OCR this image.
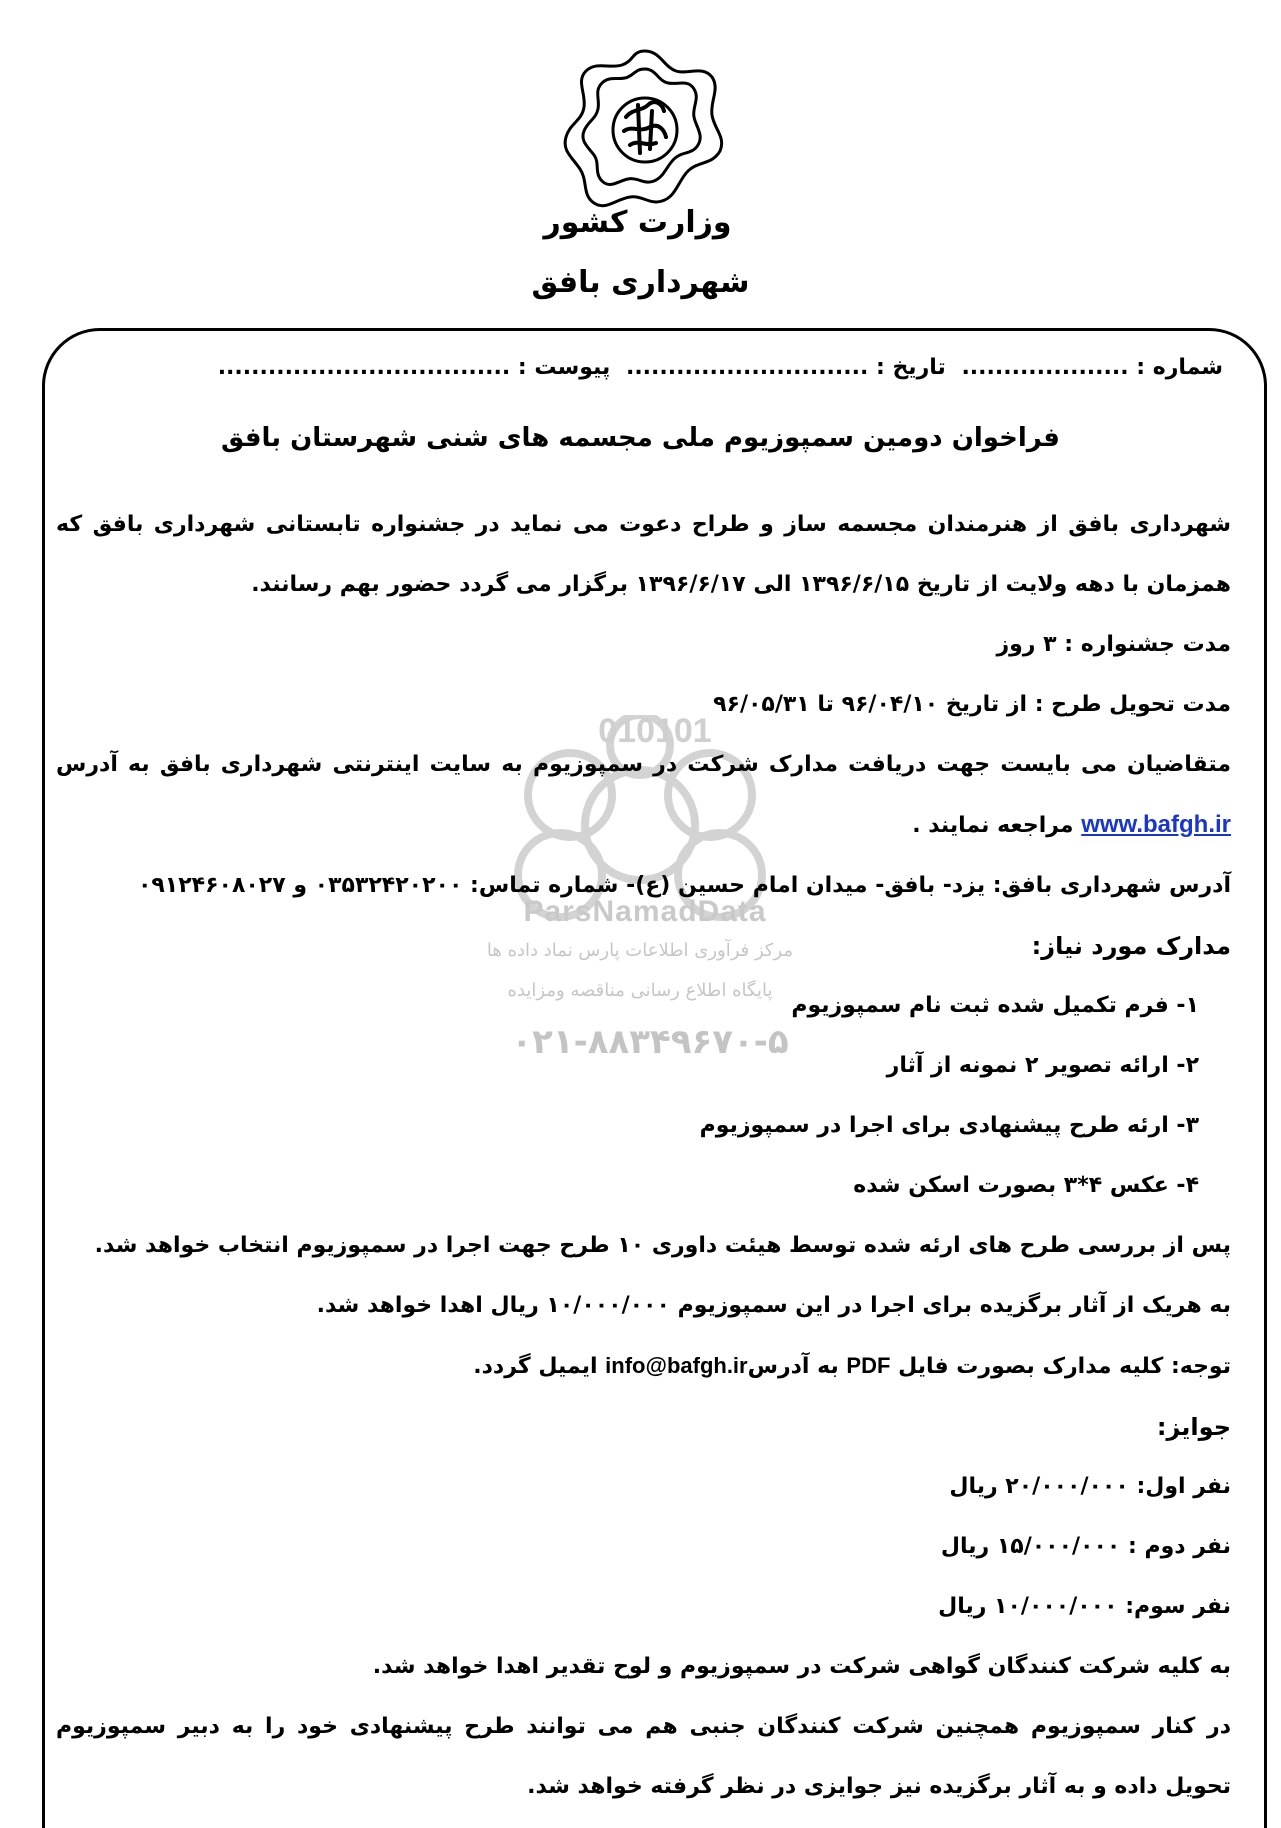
وزارت کشور
شهرداری بافق
010101
ParsNamadData
مرکز فرآوری اطلاعات پارس نماد داده ها
پایگاه اطلاع رسانی مناقصه ومزایده
۰۲۱-۸۸۳۴۹۶۷۰-۵
شماره : .................... تاریخ : ............................. پیوست : ...................................
فراخوان دومین سمپوزیوم ملی مجسمه های شنی شهرستان بافق

شهرداری بافق از هنرمندان مجسمه ساز و طراح دعوت می نماید در جشنواره تابستانی شهرداری بافق که همزمان با دهه ولایت از تاریخ ۱۳۹۶/۶/۱۵ الی ۱۳۹۶/۶/۱۷ برگزار می گردد حضور بهم رسانند.

مدت جشنواره : ۳ روز

مدت تحویل طرح : از تاریخ ۹۶/۰۴/۱۰ تا ۹۶/۰۵/۳۱

متقاضیان می بایست جهت دریافت مدارک شرکت در سمپوزیوم به سایت اینترنتی شهرداری بافق به آدرس www.bafgh.ir مراجعه نمایند .

آدرس شهرداری بافق: یزد- بافق- میدان امام حسین (ع)- شماره تماس: ۰۳۵۳۲۴۲۰۲۰۰ و ۰۹۱۲۴۶۰۸۰۲۷

مدارک مورد نیاز:

۱- فرم تکمیل شده ثبت نام سمپوزیوم

۲- ارائه تصویر ۲ نمونه از آثار

۳- ارئه طرح پیشنهادی برای اجرا در سمپوزیوم

۴- عکس ۴*۳ بصورت اسکن شده

پس از بررسی طرح های ارئه شده توسط هیئت داوری ۱۰ طرح جهت اجرا در سمپوزیوم انتخاب خواهد شد.

به هریک از آثار برگزیده برای اجرا در این سمپوزیوم ۱۰/۰۰۰/۰۰۰ ریال اهدا خواهد شد.

توجه: کلیه مدارک بصورت فایل PDF به آدرسinfo@bafgh.ir ایمیل گردد.

جوایز:

نفر اول: ۲۰/۰۰۰/۰۰۰ ریال

نفر دوم : ۱۵/۰۰۰/۰۰۰ ریال

نفر سوم: ۱۰/۰۰۰/۰۰۰ ریال

به کلیه شرکت کنندگان گواهی شرکت در سمپوزیوم و لوح تقدیر اهدا خواهد شد.

در کنار سمپوزیوم همچنین شرکت کنندگان جنبی هم می توانند طرح پیشنهادی خود را به دبیر سمپوزیوم تحویل داده و به آثار برگزیده نیز جوایزی در نظر گرفته خواهد شد.
